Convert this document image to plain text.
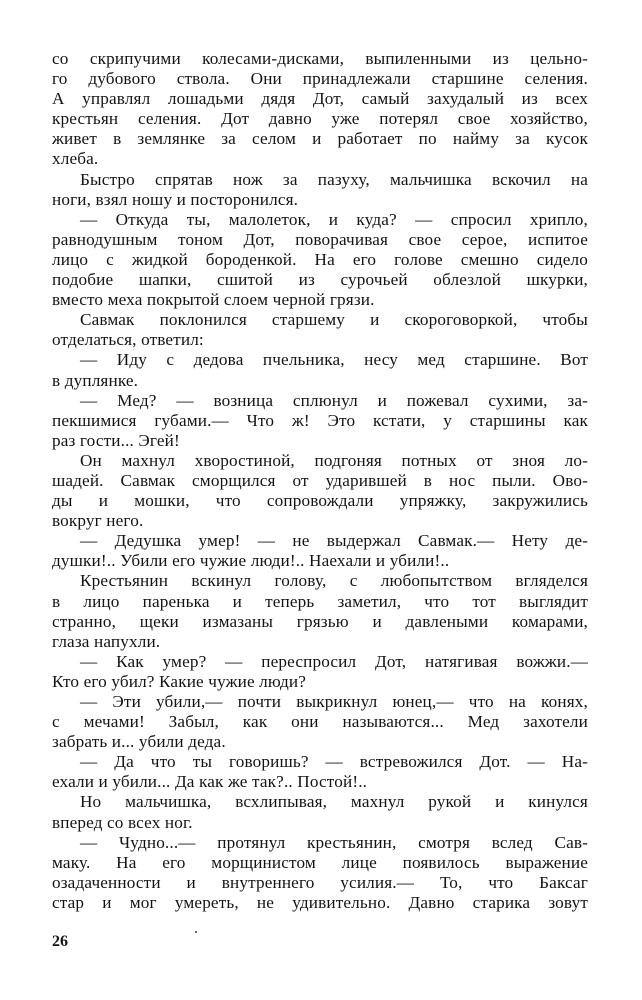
со скрипучими колесами-дисками, выпиленными из цельно-
го дубового ствола. Они принадлежали старшине селения.
А управлял лошадьми дядя Дот, самый захудалый из всех
крестьян селения. Дот давно уже потерял свое хозяйство,
живет в землянке за селом и работает по найму за кусок
хлеба.
Быстро спрятав нож за пазуху, мальчишка вскочил на
ноги, взял ношу и посторонился.
— Откуда ты, малолеток, и куда? — спросил хрипло,
равнодушным тоном Дот, поворачивая свое серое, испитое
лицо с жидкой бороденкой. На его голове смешно сидело
подобие шапки, сшитой из сурочьей облезлой шкурки,
вместо меха покрытой слоем черной грязи.
Савмак поклонился старшему и скороговоркой, чтобы
отделаться, ответил:
— Иду с дедова пчельника, несу мед старшине. Вот
в дуплянке.
— Мед? — возница сплюнул и пожевал сухими, за-
пекшимися губами.— Что ж! Это кстати, у старшины как
раз гости... Эгей!
Он махнул хворостиной, подгоняя потных от зноя ло-
шадей. Савмак сморщился от ударившей в нос пыли. Ово-
ды и мошки, что сопровождали упряжку, закружились
вокруг него.
— Дедушка умер! — не выдержал Савмак.— Нету де-
душки!.. Убили его чужие люди!.. Наехали и убили!..
Крестьянин вскинул голову, с любопытством вгляделся
в лицо паренька и теперь заметил, что тот выглядит
странно, щеки измазаны грязью и давлеными комарами,
глаза напухли.
— Как умер? — переспросил Дот, натягивая вожжи.—
Кто его убил? Какие чужие люди?
— Эти убили,— почти выкрикнул юнец,— что на конях,
с мечами! Забыл, как они называются... Мед захотели
забрать и... убили деда.
— Да что ты говоришь? — встревожился Дот. — На-
ехали и убили... Да как же так?.. Постой!..
Но мальчишка, всхлипывая, махнул рукой и кинулся
вперед со всех ног.
— Чудно...— протянул крестьянин, смотря вслед Сав-
маку. На его морщинистом лице появилось выражение
озадаченности и внутреннего усилия.— То, что Баксаг
стар и мог умереть, не удивительно. Давно старика зовут
26
